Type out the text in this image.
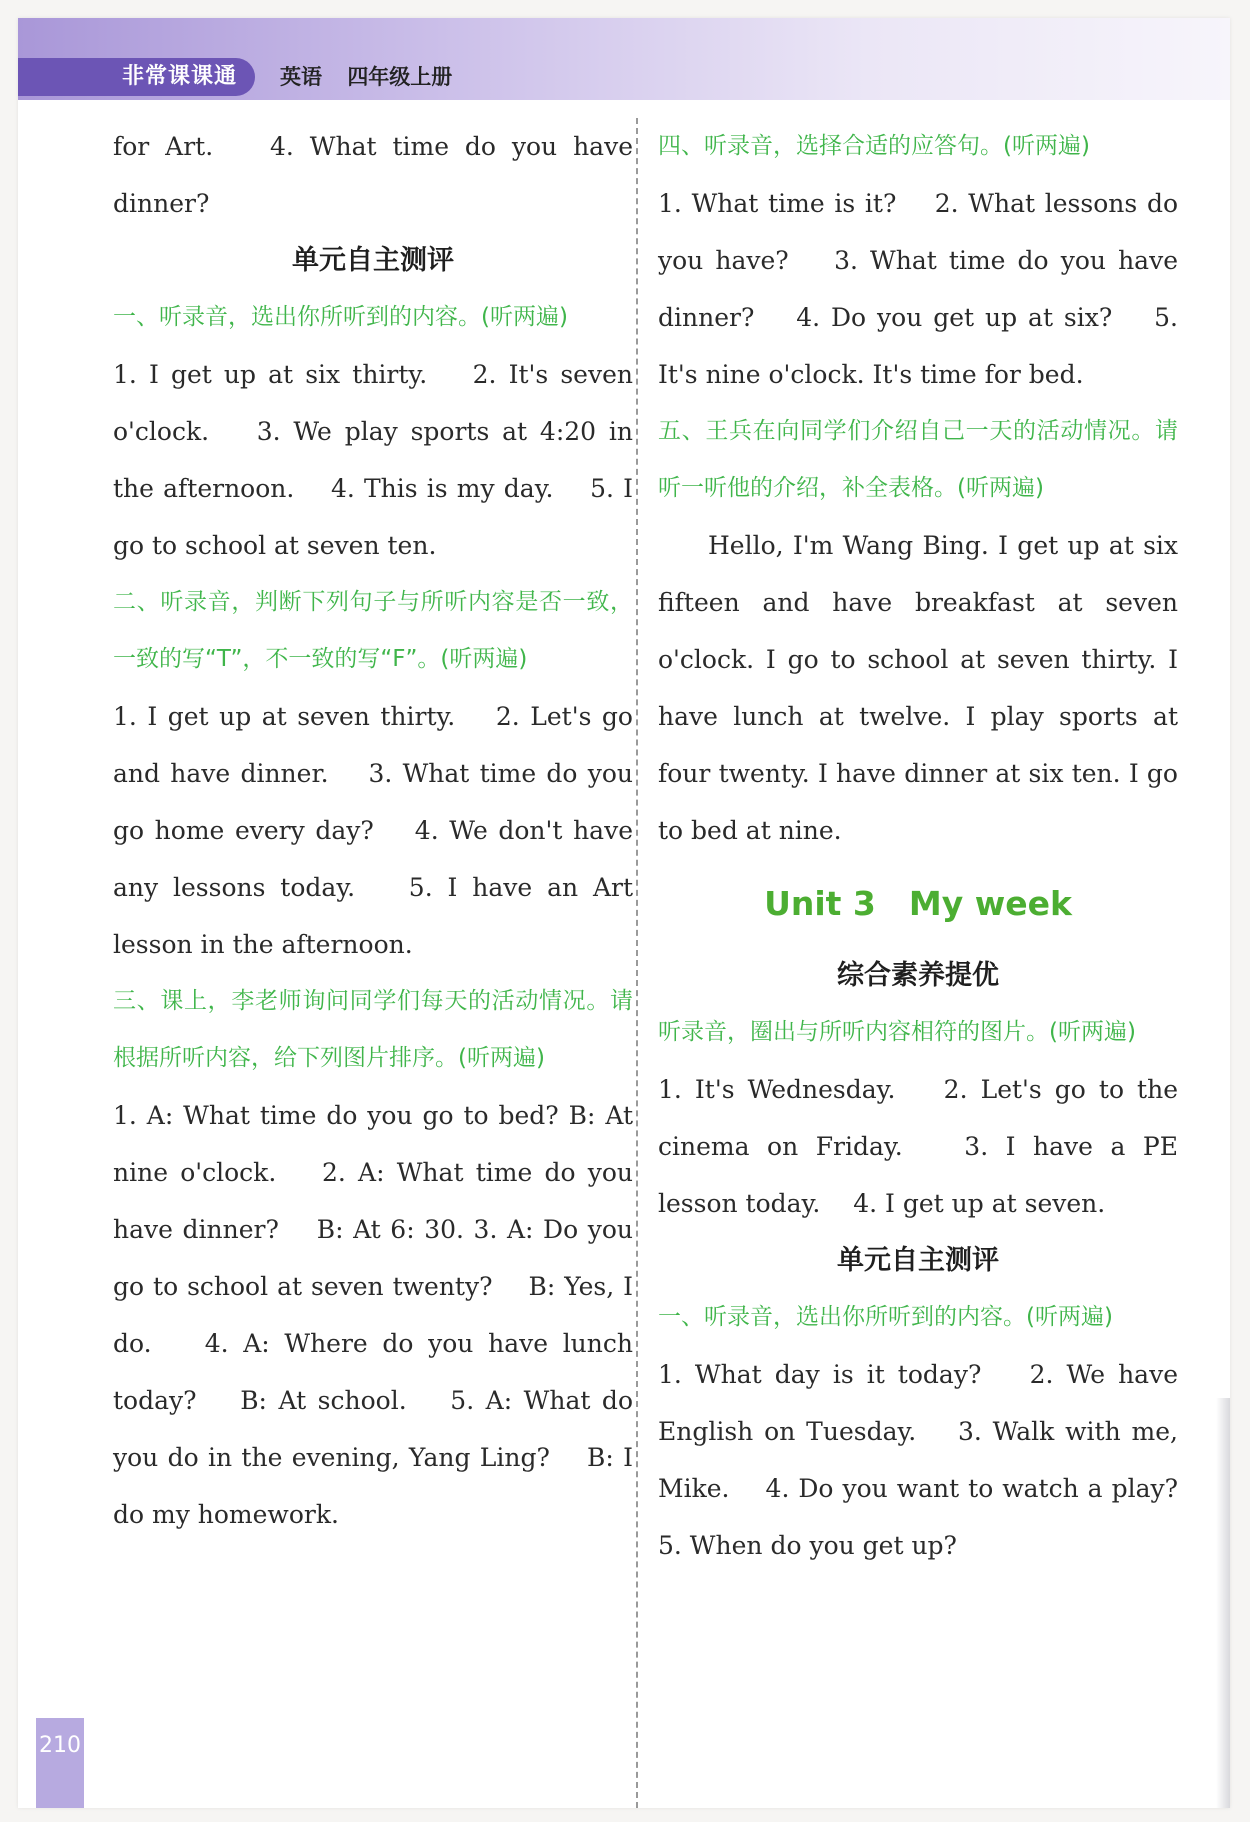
非常课课通	英语 四年级上册

for Art.　 4. What time do you have dinner?

单元自主测评

一、听录音，选出你所听到的内容。(听两遍)

1. I get up at six thirty.　 2. It's seven o'clock.　 3. We play sports at 4:20 in the afternoon.　 4. This is my day.　 5. I go to school at seven ten.

二、听录音，判断下列句子与所听内容是否一致，一致的写“T”，不一致的写“F”。(听两遍)

1. I get up at seven thirty.　 2. Let's go and have dinner.　 3. What time do you go home every day?　 4. We don't have any lessons today.　 5. I have an Art lesson in the afternoon.

三、课上，李老师询问同学们每天的活动情况。请根据所听内容，给下列图片排序。(听两遍)

1. A: What time do you go to bed? B: At nine o'clock.　 2. A: What time do you have dinner?　 B: At 6: 30. 3. A: Do you go to school at seven twenty?　 B: Yes, I do.　 4. A: Where do you have lunch today?　 B: At school.　 5. A: What do you do in the evening, Yang Ling?　 B: I do my homework.

四、听录音，选择合适的应答句。(听两遍)

1. What time is it?　 2. What lessons do you have?　 3. What time do you have dinner?　 4. Do you get up at six?　 5. It's nine o'clock. It's time for bed.

五、王兵在向同学们介绍自己一天的活动情况。请听一听他的介绍，补全表格。(听两遍)

Hello, I'm Wang Bing. I get up at six fifteen and have breakfast at seven o'clock. I go to school at seven thirty. I have lunch at twelve. I play sports at four twenty. I have dinner at six ten. I go to bed at nine.

Unit 3　My week

综合素养提优

听录音，圈出与所听内容相符的图片。(听两遍)

1. It's Wednesday.　 2. Let's go to the cinema on Friday.　 3. I have a PE lesson today.　 4. I get up at seven.

单元自主测评

一、听录音，选出你所听到的内容。(听两遍)

1. What day is it today?　 2. We have English on Tuesday.　 3. Walk with me, Mike.　 4. Do you want to watch a play? 5. When do you get up?

210
